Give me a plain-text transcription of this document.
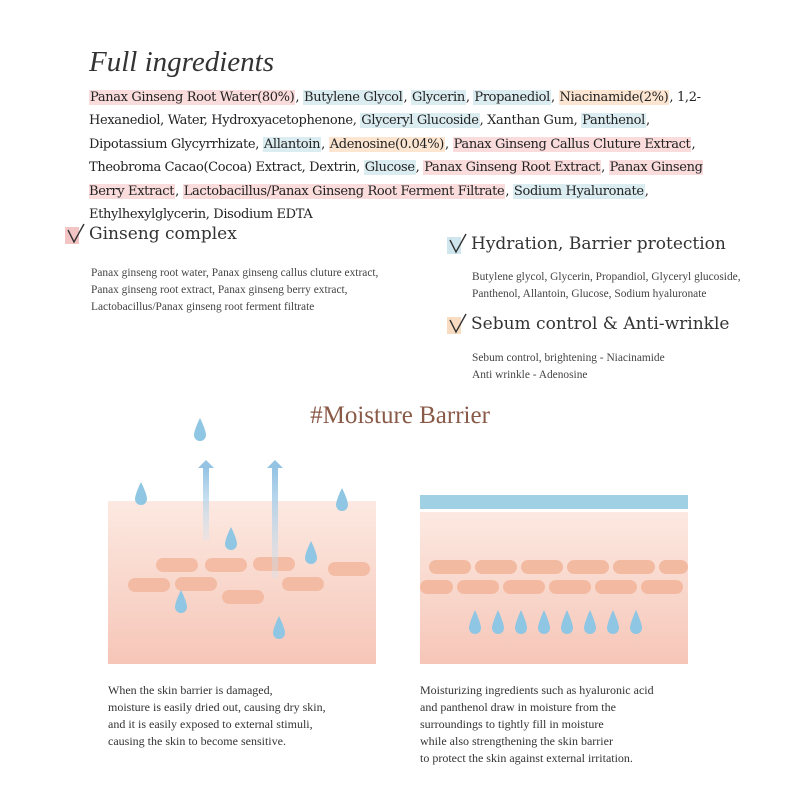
Full ingredients
Panax Ginseng Root Water(80%), Butylene Glycol, Glycerin, Propanediol, Niacinamide(2%), 1,2-Hexanediol, Water, Hydroxyacetophenone, Glyceryl Glucoside, Xanthan Gum, Panthenol, Dipotassium Glycyrrhizate, Allantoin, Adenosine(0.04%), Panax Ginseng Callus Cluture Extract, Theobroma Cacao(Cocoa) Extract, Dextrin, Glucose, Panax Ginseng Root Extract, Panax Ginseng Berry Extract, Lactobacillus/Panax Ginseng Root Ferment Filtrate, Sodium Hyaluronate, Ethylhexylglycerin, Disodium EDTA
Ginseng complex

Panax ginseng root water, Panax ginseng callus cluture extract,
Panax ginseng root extract, Panax ginseng berry extract,
Lactobacillus/Panax ginseng root ferment filtrate

Hydration, Barrier protection

Butylene glycol, Glycerin, Propandiol, Glyceryl glucoside,
Panthenol, Allantoin, Glucose, Sodium hyaluronate

Sebum control & Anti-wrinkle

Sebum control, brightening - Niacinamide
Anti wrinkle - Adenosine

#Moisture Barrier

When the skin barrier is damaged,
moisture is easily dried out, causing dry skin,
and it is easily exposed to external stimuli,
causing the skin to become sensitive.

Moisturizing ingredients such as hyaluronic acid
and panthenol draw in moisture from the
surroundings to tightly fill in moisture
while also strengthening the skin barrier
to protect the skin against external irritation.
